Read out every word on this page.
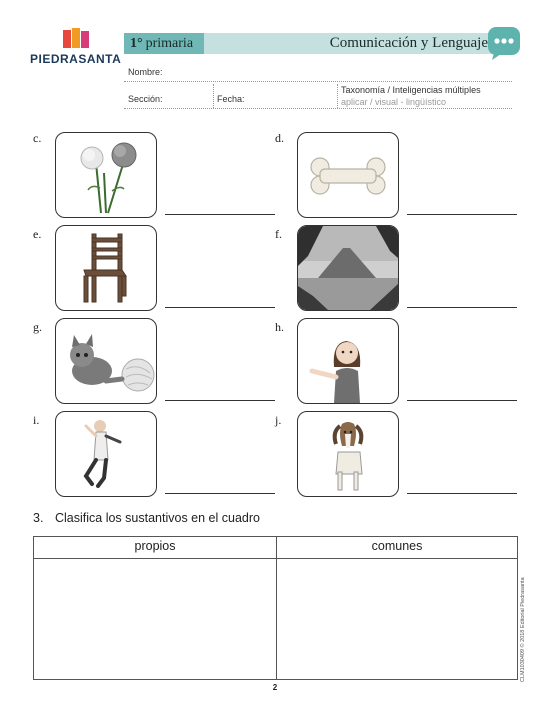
PIEDRASANTA
1° primaria	Comunicación y Lenguaje
Nombre:
Sección:	Fecha:
Taxonomía / Inteligencias múltiples
aplicar / visual - lingüístico
c.	d.
e.	f.
g.	h.
i.	j.
3. Clasifica los sustantivos en el cuadro
propios	comunes
CLM1030409 © 2018 Editorial Piedrasanta
2
